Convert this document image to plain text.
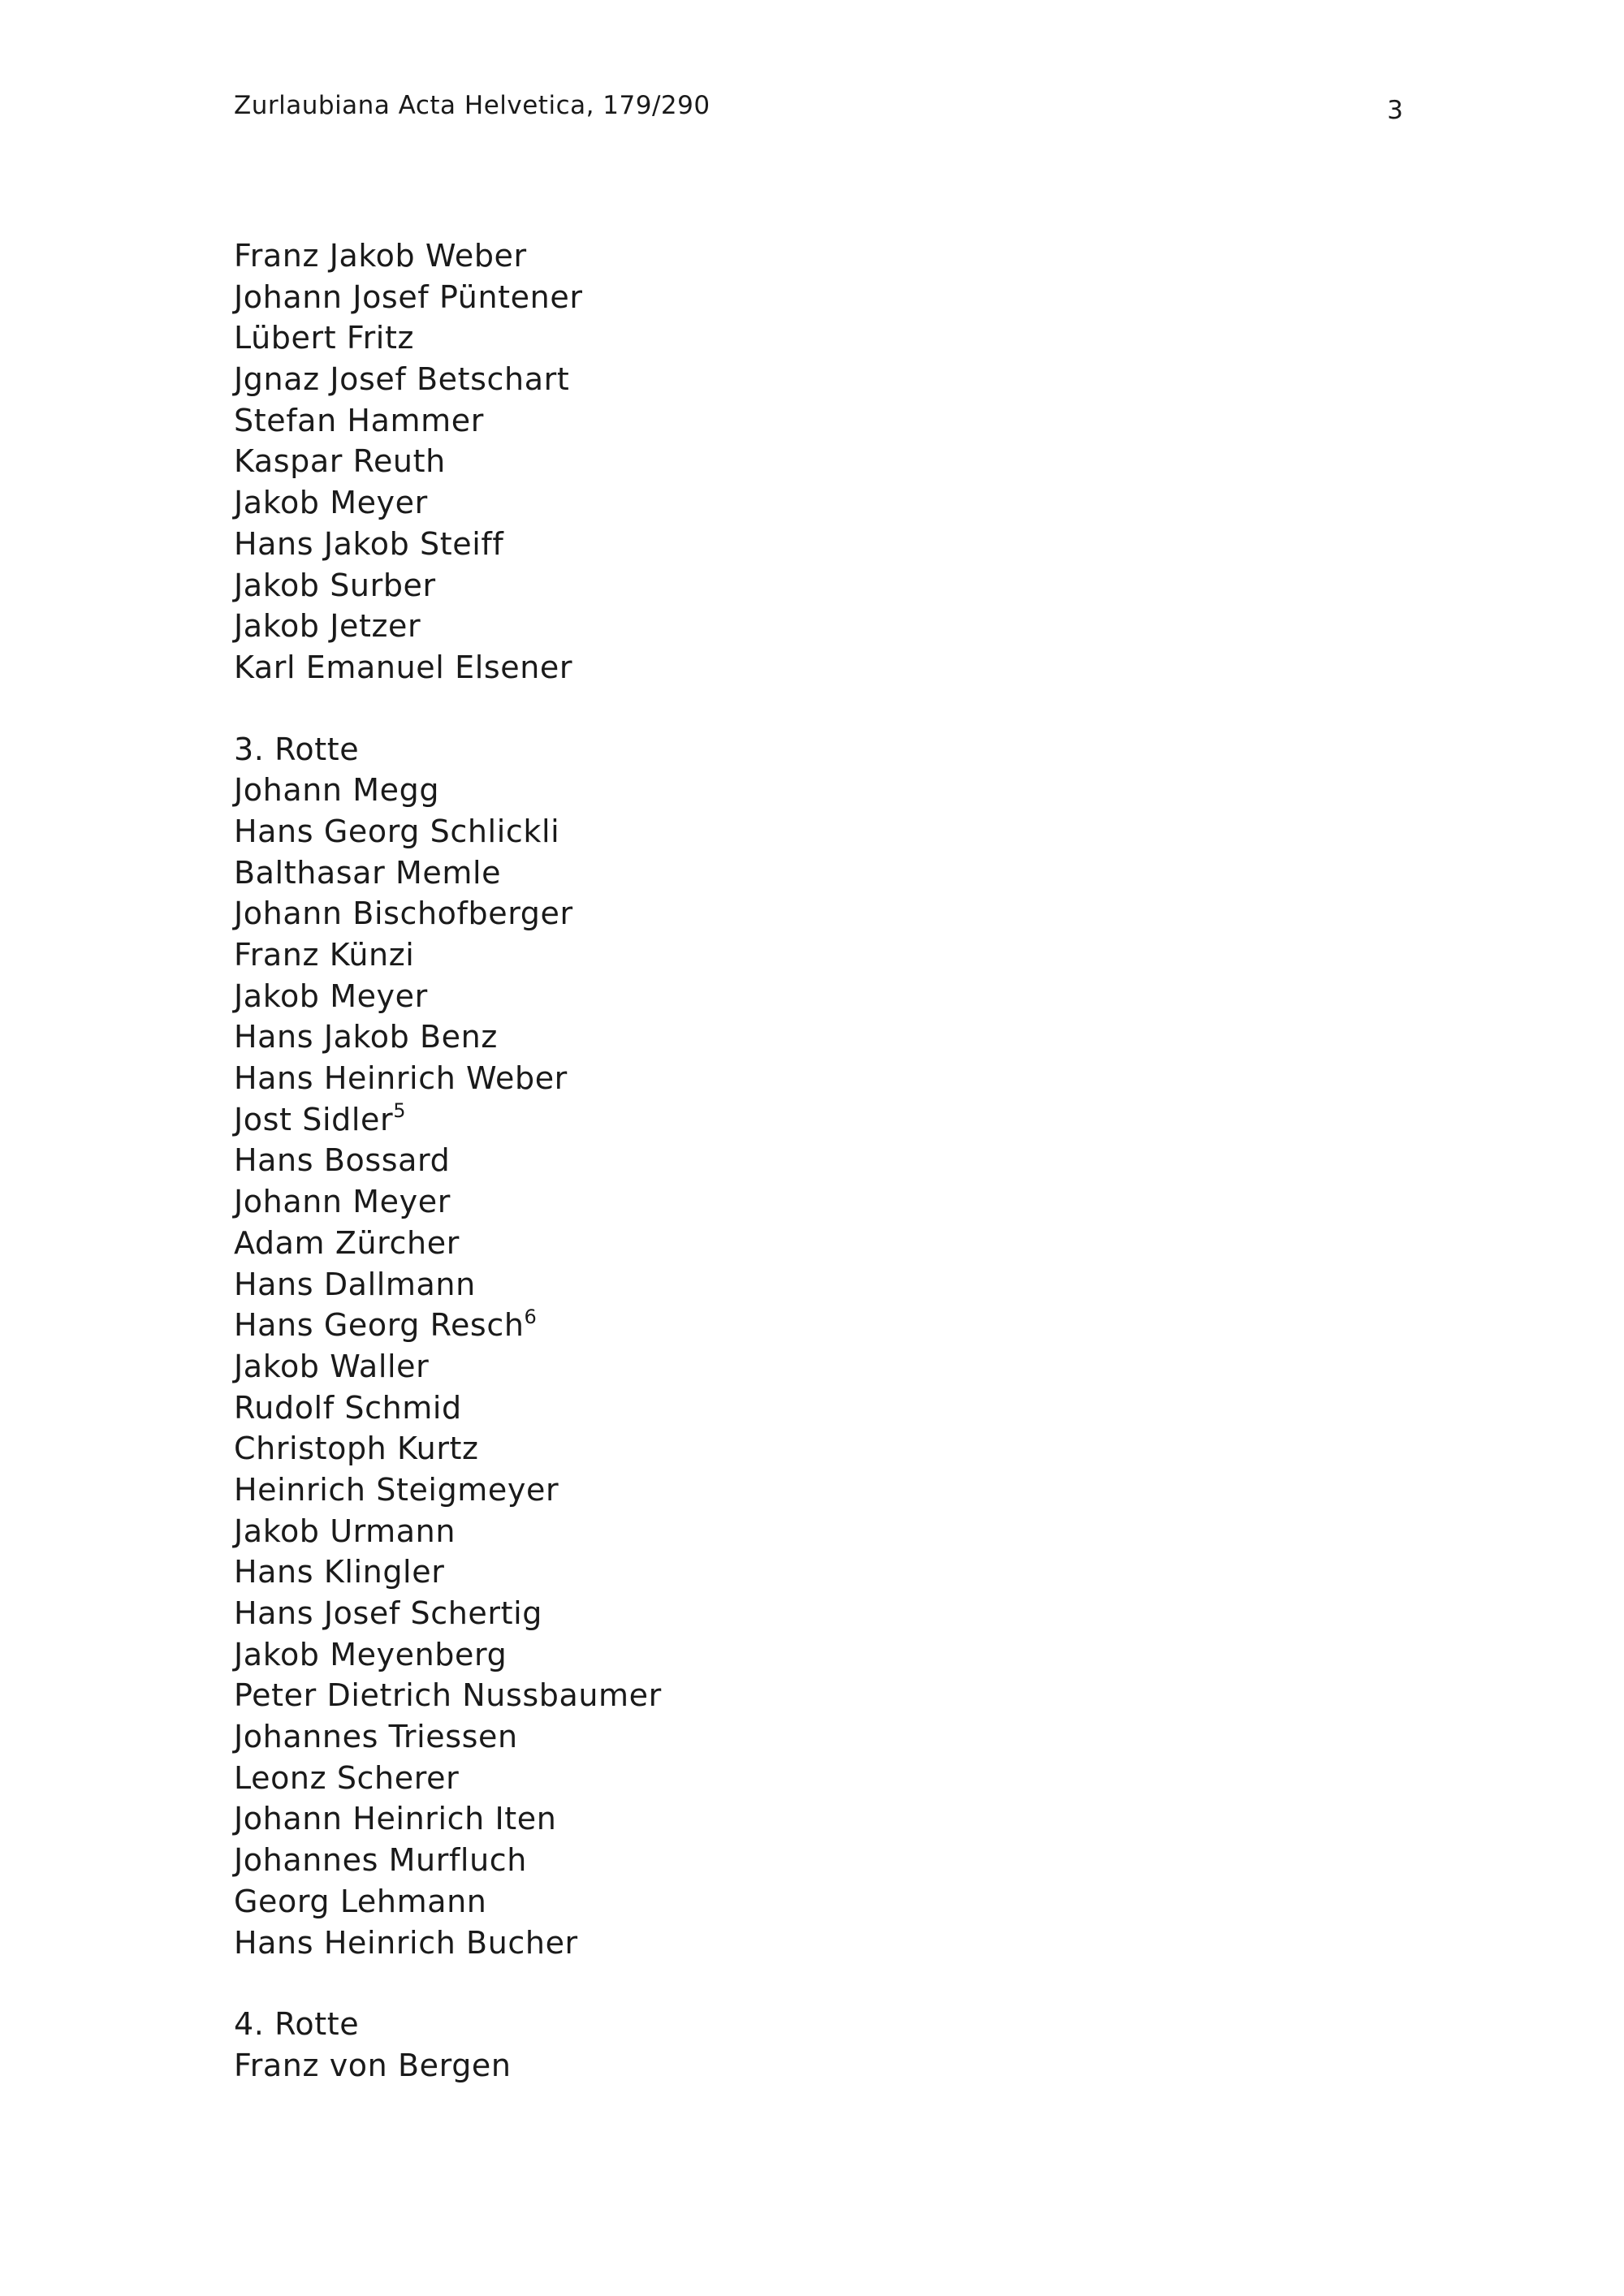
Zurlaubiana Acta Helvetica, 179/290	3
Franz Jakob Weber
Johann Josef Püntener
Lübert Fritz
Jgnaz Josef Betschart
Stefan Hammer
Kaspar Reuth
Jakob Meyer
Hans Jakob Steiff
Jakob Surber
Jakob Jetzer
Karl Emanuel Elsener
3. Rotte
Johann Megg
Hans Georg Schlickli
Balthasar Memle
Johann Bischofberger
Franz Künzi
Jakob Meyer
Hans Jakob Benz
Hans Heinrich Weber
Jost Sidler$^5$
Hans Bossard
Johann Meyer
Adam Zürcher
Hans Dallmann
Hans Georg Resch$^6$
Jakob Waller
Rudolf Schmid
Christoph Kurtz
Heinrich Steigmeyer
Jakob Urmann
Hans Klingler
Hans Josef Schertig
Jakob Meyenberg
Peter Dietrich Nussbaumer
Johannes Triessen
Leonz Scherer
Johann Heinrich Iten
Johannes Murfluch
Georg Lehmann
Hans Heinrich Bucher
4. Rotte
Franz von Bergen
